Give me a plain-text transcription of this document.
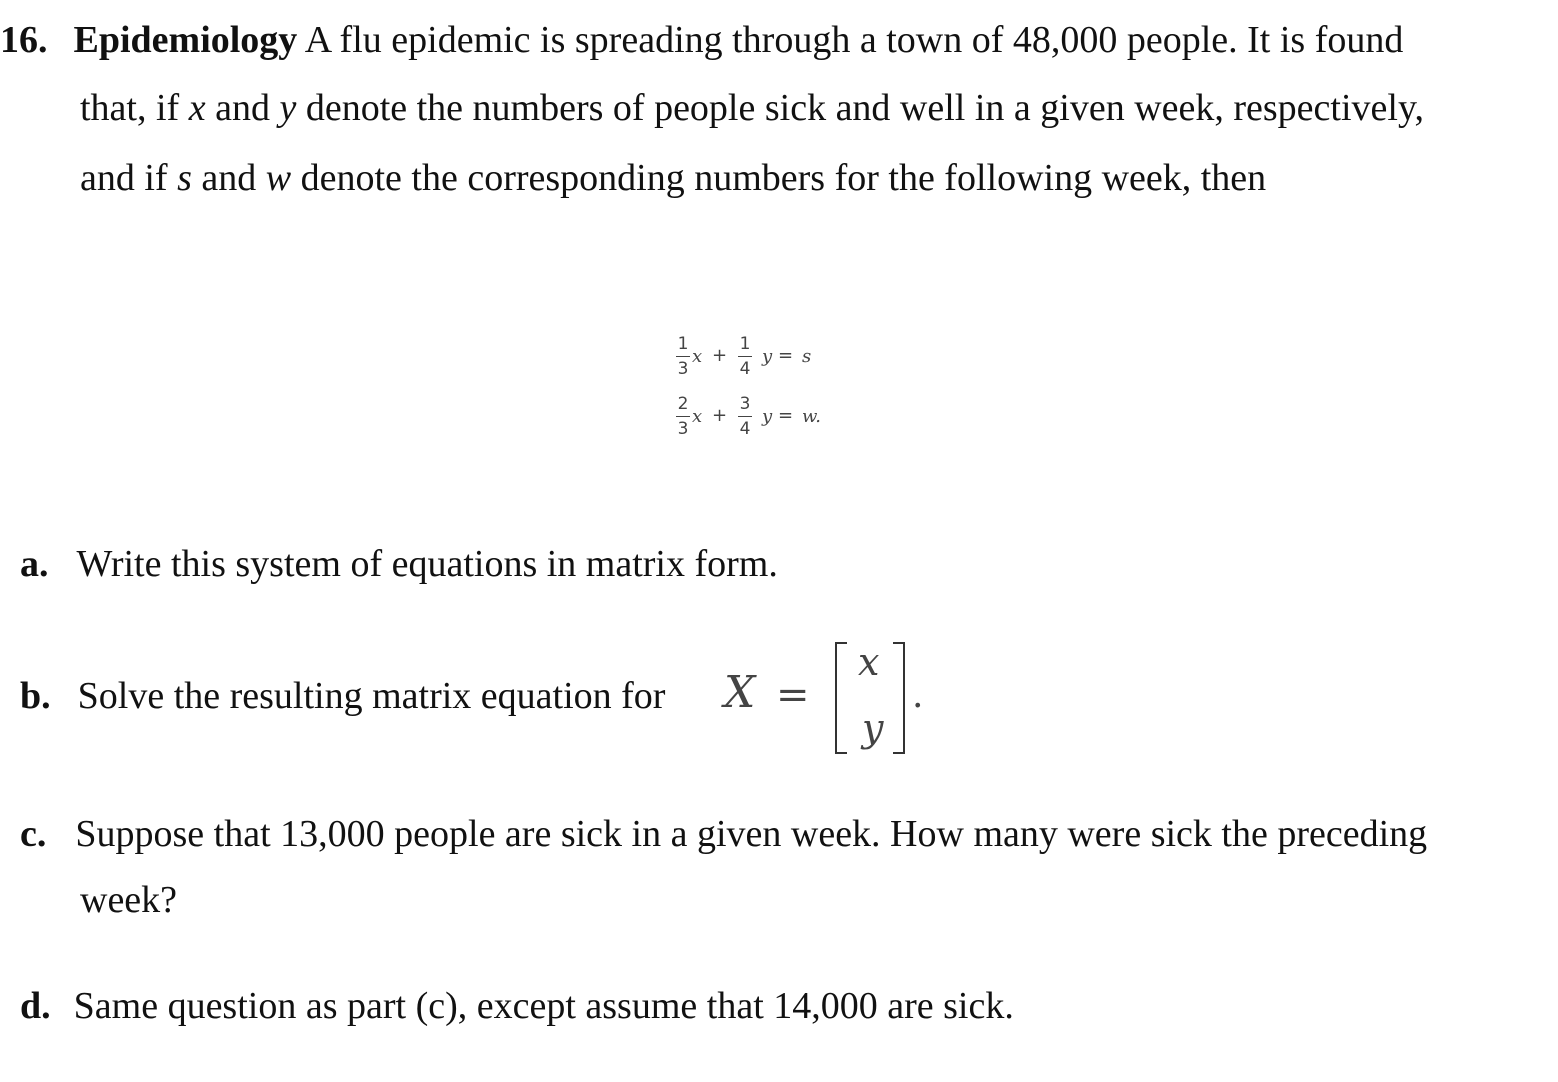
16. Epidemiology A flu epidemic is spreading through a town of 48,000 people. It is found
that, if x and y denote the numbers of people sick and well in a given week, respectively,
and if s and w denote the corresponding numbers for the following week, then
1
3
x +
1
4
y = s
2
3
x +
3
4
y = w.
a. Write this system of equations in matrix form.
b. Solve the resulting matrix equation for X =
x
y
.
c. Suppose that 13,000 people are sick in a given week. How many were sick the preceding
week?
d. Same question as part (c), except assume that 14,000 are sick.
